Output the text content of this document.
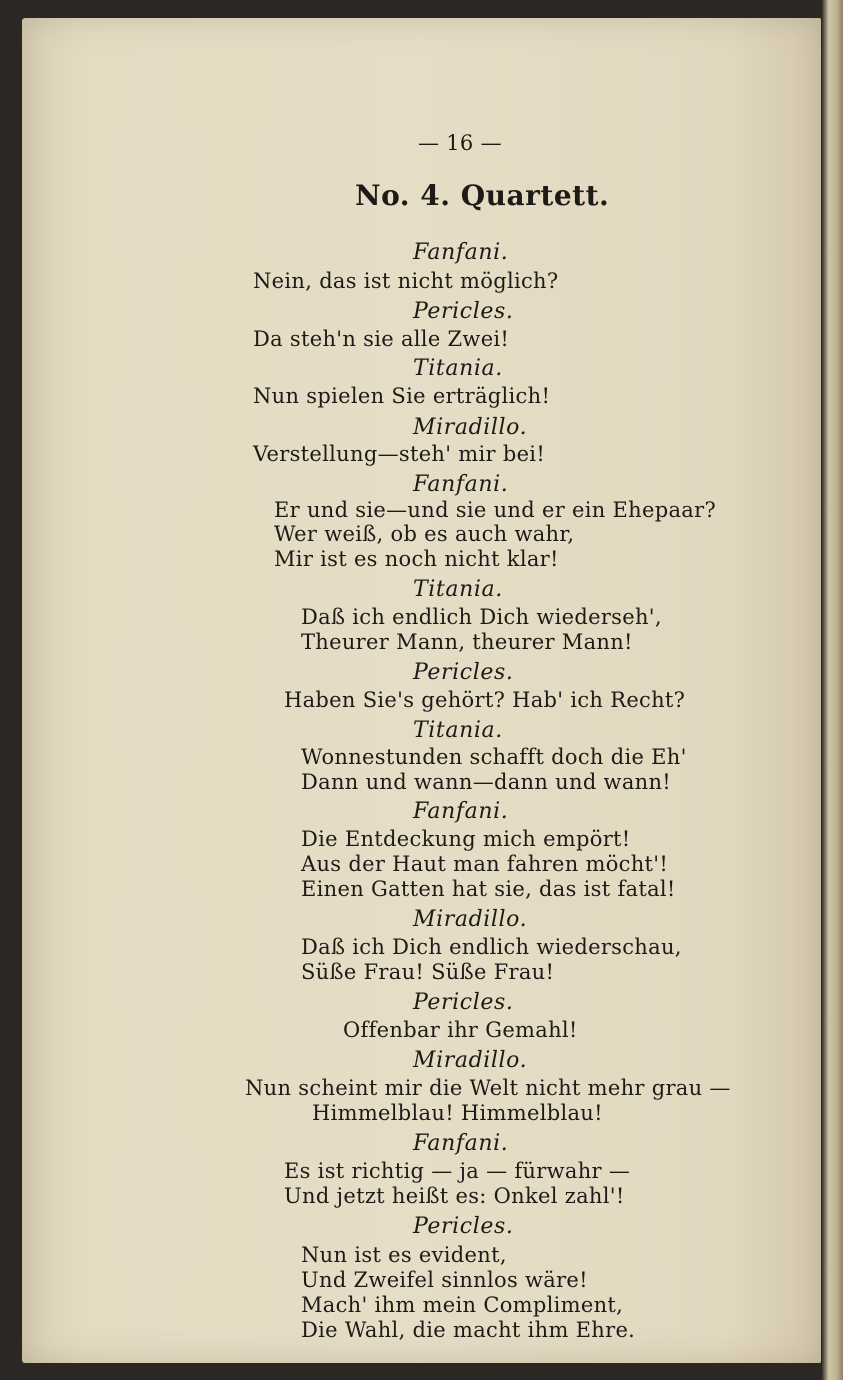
— 16 —
No. 4. Quartett.
Fanfani.
Nein, das ist nicht möglich?
Pericles.
Da steh'n sie alle Zwei!
Titania.
Nun spielen Sie erträglich!
Miradillo.
Verstellung—steh' mir bei!
Fanfani.
Er und sie—und sie und er ein Ehepaar?
Wer weiß, ob es auch wahr,
Mir ist es noch nicht klar!
Titania.
Daß ich endlich Dich wiederseh',
Theurer Mann, theurer Mann!
Pericles.
Haben Sie's gehört? Hab' ich Recht?
Titania.
Wonnestunden schafft doch die Eh'
Dann und wann—dann und wann!
Fanfani.
Die Entdeckung mich empört!
Aus der Haut man fahren möcht'!
Einen Gatten hat sie, das ist fatal!
Miradillo.
Daß ich Dich endlich wiederschau,
Süße Frau! Süße Frau!
Pericles.
Offenbar ihr Gemahl!
Miradillo.
Nun scheint mir die Welt nicht mehr grau —
Himmelblau! Himmelblau!
Fanfani.
Es ist richtig — ja — fürwahr —
Und jetzt heißt es: Onkel zahl'!
Pericles.
Nun ist es evident,
Und Zweifel sinnlos wäre!
Mach' ihm mein Compliment,
Die Wahl, die macht ihm Ehre.
